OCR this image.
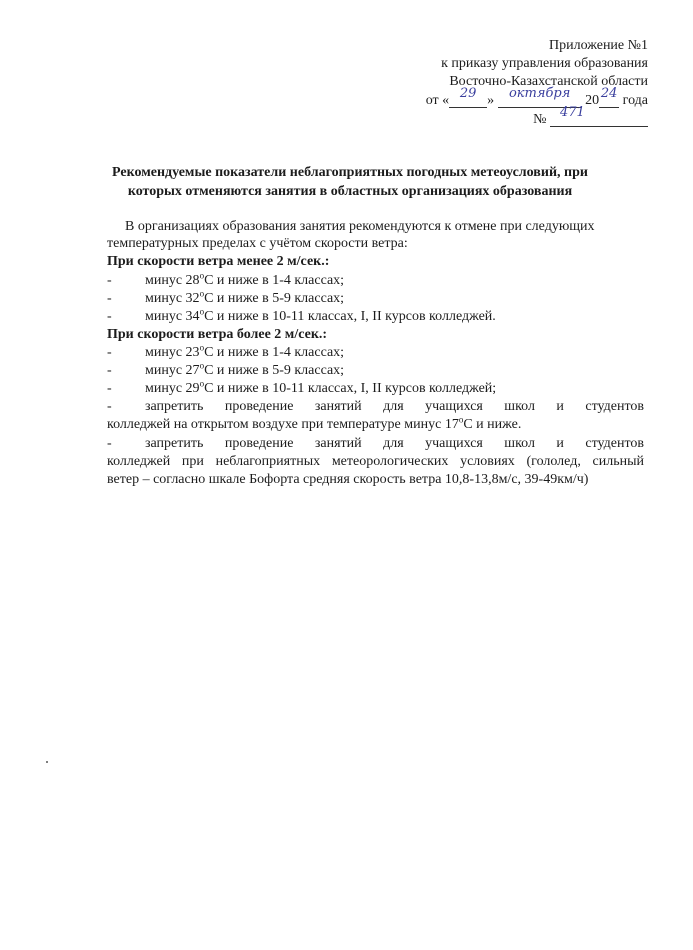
Приложение №1
к приказу управления образования
Восточно-Казахстанской области
от « 29 »	октября	20 24 года
№	471
Рекомендуемые показатели неблагоприятных погодных метеоусловий, при
которых отменяются занятия в областных организациях образования
В организациях образования занятия рекомендуются к отмене при следующих
температурных пределах с учётом скорости ветра:
При скорости ветра менее 2 м/сек.:
- минус $28^оС$ и ниже в 1-4 классах;
- минус $32^оС$ и ниже в 5-9 классах;
- минус $34^оС$ и ниже в 10-11 классах, I, II курсов колледжей.
При скорости ветра более 2 м/сек.:
- минус $23^оС$ и ниже в 1-4 классах;
- минус $27^оС$ и ниже в 5-9 классах;
- минус $29^оС$ и ниже в 10-11 классах, I, II курсов колледжей;
- запретить проведение занятий для учащихся школ и студентов
колледжей на открытом воздухе при температуре минус $17^оС$ и ниже.
- запретить проведение занятий для учащихся школ и студентов
колледжей при неблагоприятных метеорологических условиях (гололед, сильный
ветер – согласно шкале Бофорта средняя скорость ветра 10,8-13,8м/с, 39-49км/ч)
